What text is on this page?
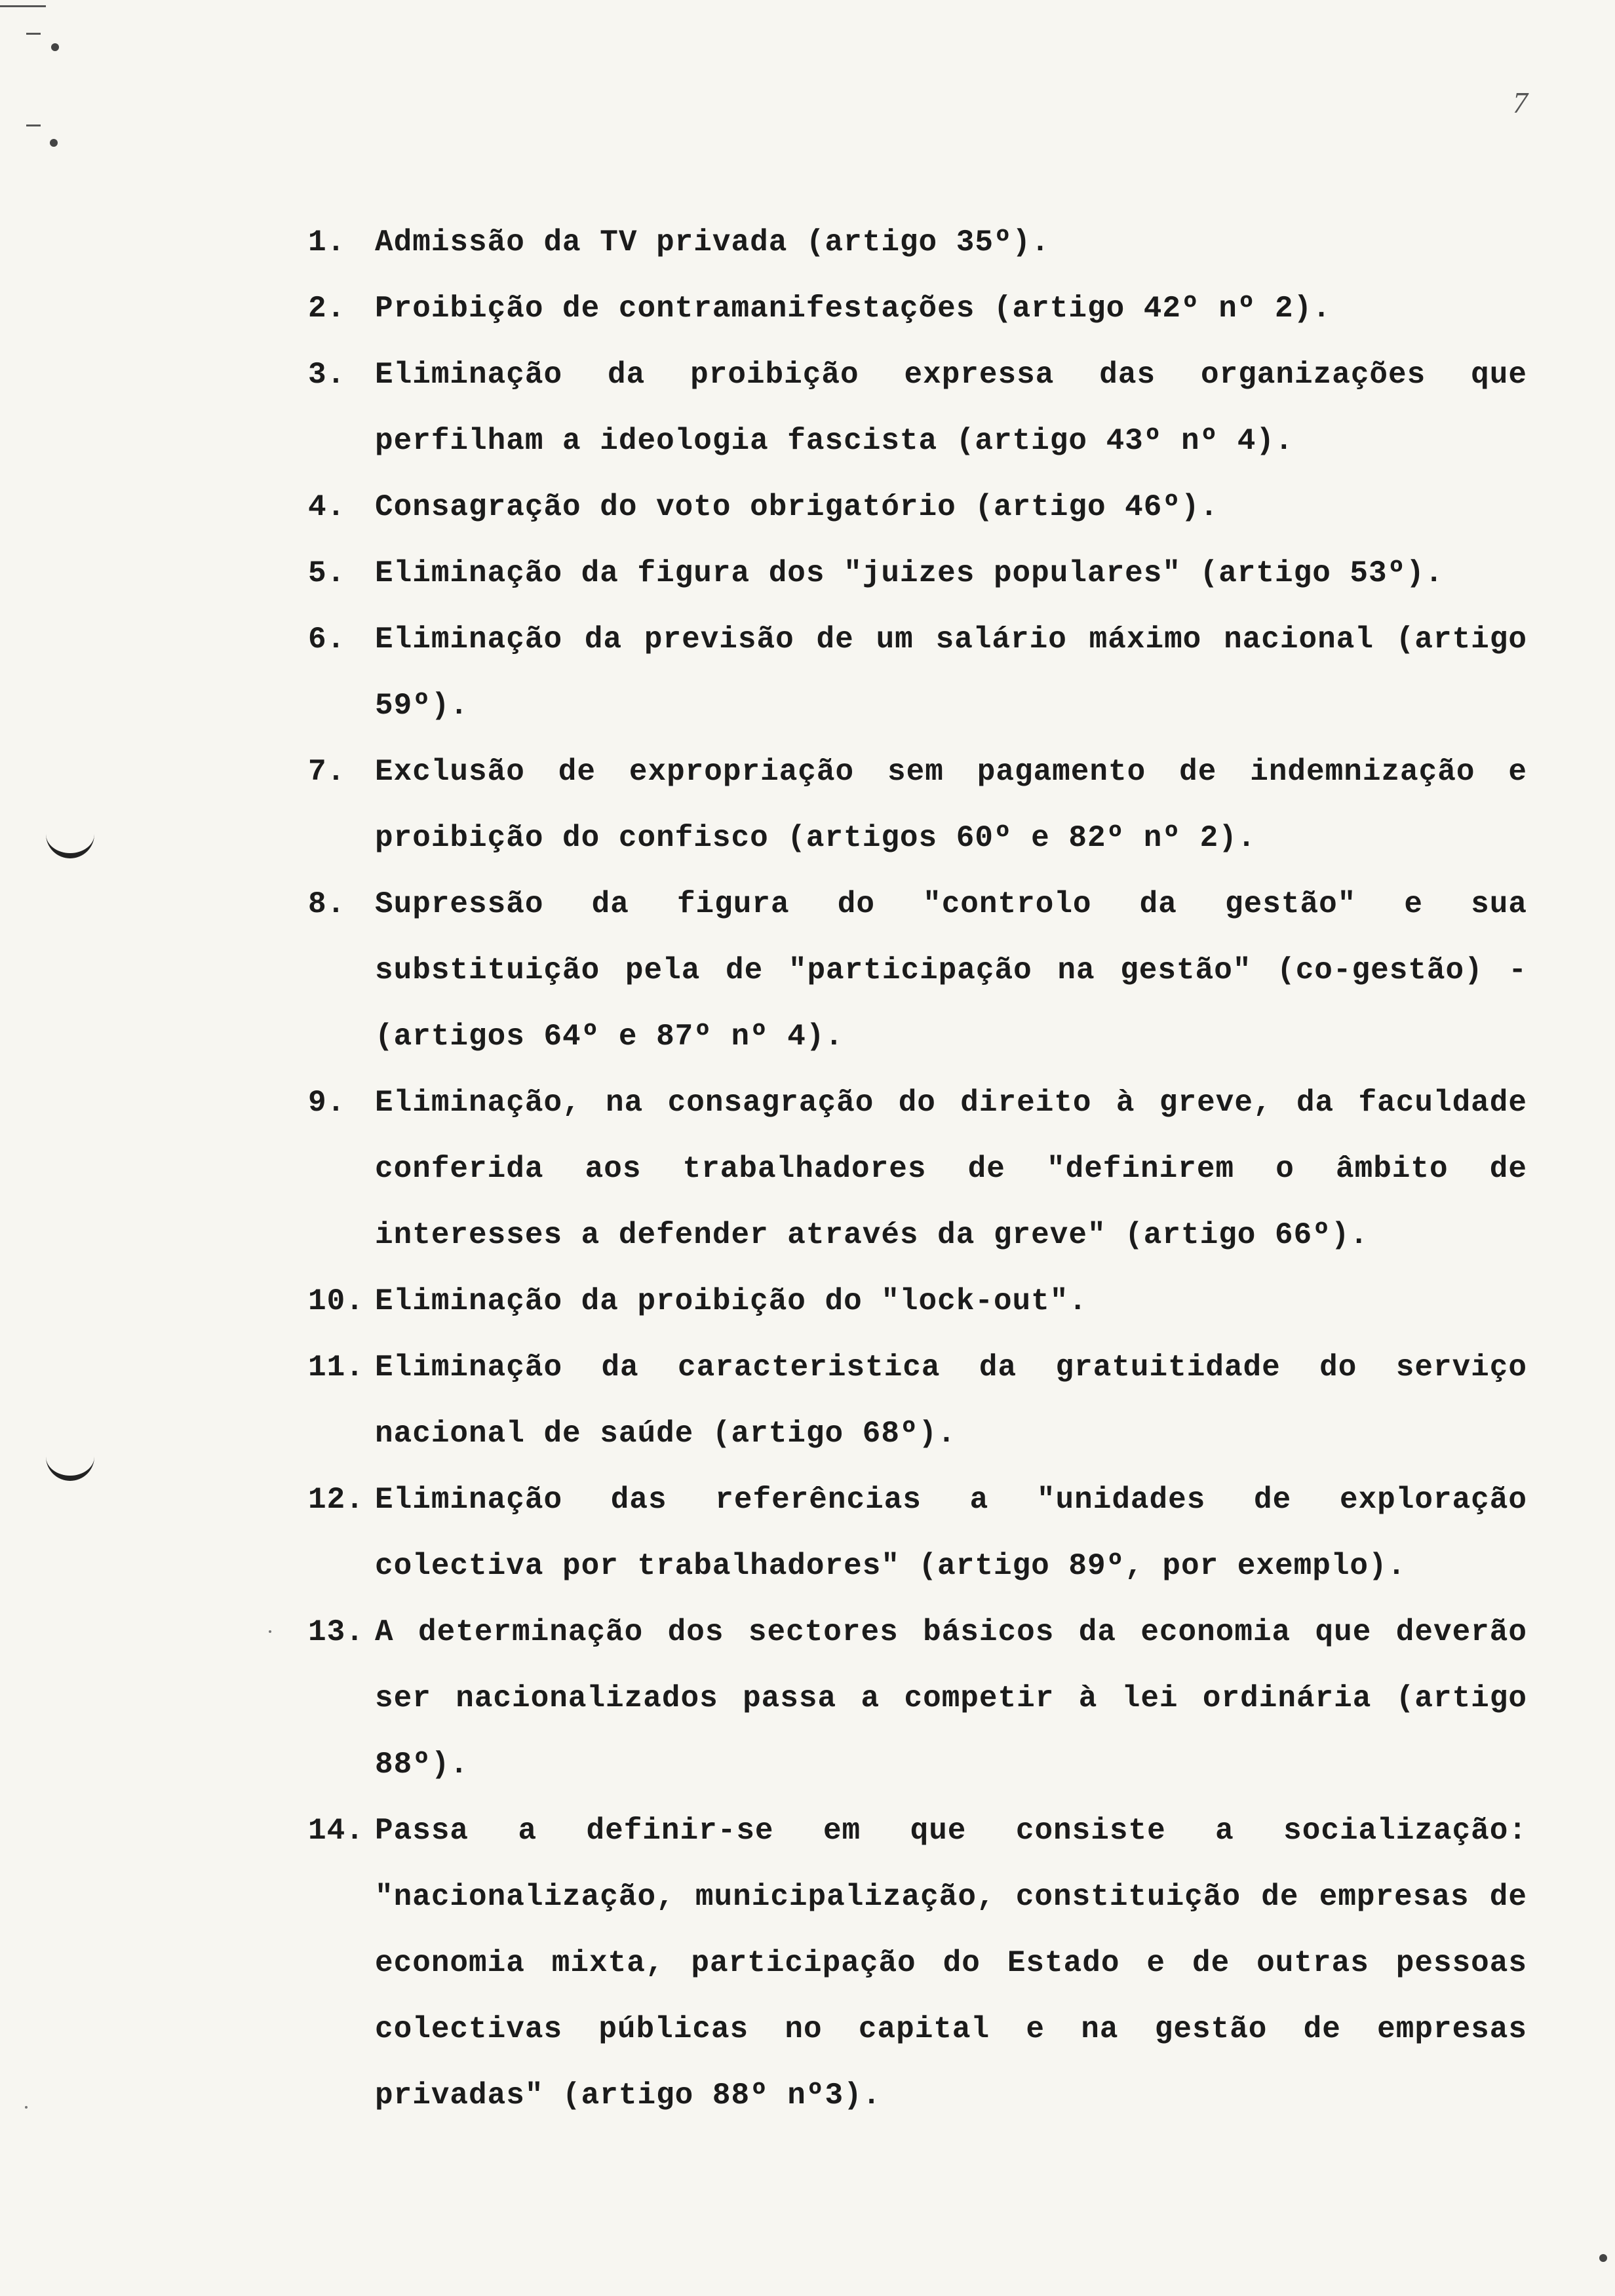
7
1. Admissão da TV privada (artigo 35º).
2. Proibição de contramanifestações (artigo 42º nº 2).
3. Eliminação da proibição expressa das organizações que perfilham a ideologia fascista (artigo 43º nº 4).
4. Consagração do voto obrigatório (artigo 46º).
5. Eliminação da figura dos "juizes populares" (artigo 53º).
6. Eliminação da previsão de um salário máximo nacional (artigo 59º).
7. Exclusão de expropriação sem pagamento de indemnização e proibição do confisco (artigos 60º e 82º nº 2).
8. Supressão da figura do "controlo da gestão" e sua substituição pela de "participação na gestão" (co-gestão) - (artigos 64º e 87º nº 4).
9. Eliminação, na consagração do direito à greve, da faculdade conferida aos trabalhadores de "definirem o âmbito de interesses a defender através da greve" (artigo 66º).
10. Eliminação da proibição do "lock-out".
11. Eliminação da caracteristica da gratuitidade do serviço nacional de saúde (artigo 68º).
12. Eliminação das referências a "unidades de exploração colectiva por trabalhadores" (artigo 89º, por exemplo).
13. A determinação dos sectores básicos da economia que deverão ser nacionalizados passa a competir à lei ordinária (artigo 88º).
14. Passa a definir-se em que consiste a socialização: "nacionalização, municipalização, constituição de empresas de economia mixta, participação do Estado e de outras pessoas colectivas públicas no capital e na gestão de empresas privadas" (artigo 88º nº3).
